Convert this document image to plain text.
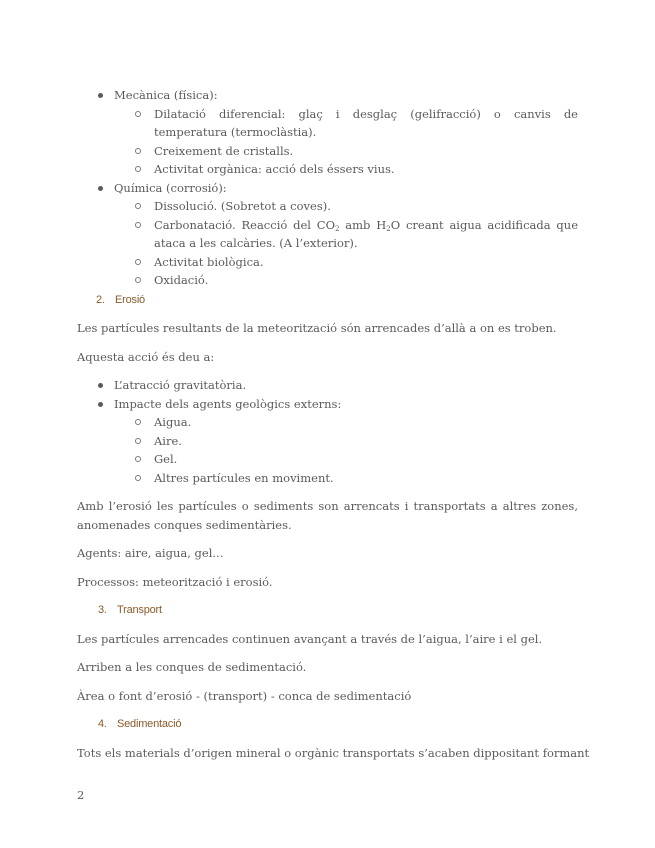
Mecànica (física):
Dilatació diferencial: glaç i desglaç (gelifracció) o canvis de temperatura (termoclàstia).
Creixement de cristalls.
Activitat orgànica: acció dels éssers vius.
Química (corrosió):
Dissolució. (Sobretot a coves).
Carbonatació. Reacció del $CO_2$ amb $H_2O$ creant aigua acidificada que ataca a les calcàries. (A l’exterior).
Activitat biològica.
Oxidació.
2. Erosió

Les partícules resultants de la meteorització són arrencades d’allà a on es troben.

Aquesta acció és deu a:

L’atracció gravitatòria.
Impacte dels agents geològics externs:
Aigua.
Aire.
Gel.
Altres partícules en moviment.

Amb l’erosió les partícules o sediments son arrencats i transportats a altres zones, anomenades conques sedimentàries.

Agents: aire, aigua, gel...

Processos: meteorització i erosió.

3. Transport

Les partícules arrencades continuen avançant a través de l’aigua, l’aire i el gel.

Arriben a les conques de sedimentació.

Àrea o font d’erosió - (transport) - conca de sedimentació

4. Sedimentació

Tots els materials d’origen mineral o orgànic transportats s’acaben dippositant formant

2
